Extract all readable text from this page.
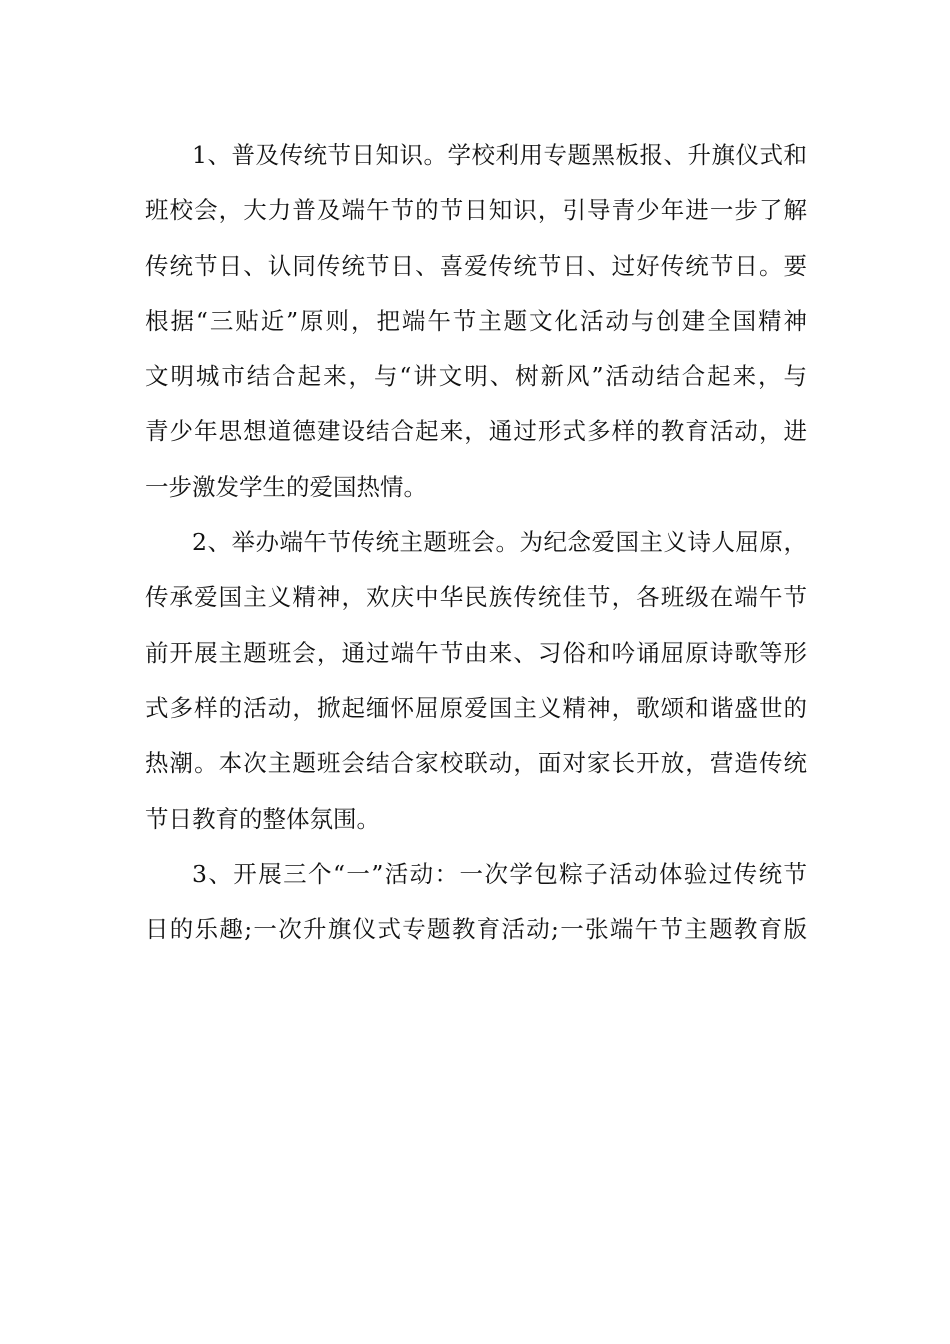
1、普及传统节日知识。学校利用专题黑板报、升旗仪式和
班校会，大力普及端午节的节日知识，引导青少年进一步了解
传统节日、认同传统节日、喜爱传统节日、过好传统节日。要
根据“三贴近”原则，把端午节主题文化活动与创建全国精神
文明城市结合起来，与“讲文明、树新风”活动结合起来，与
青少年思想道德建设结合起来，通过形式多样的教育活动，进
一步激发学生的爱国热情。
2、举办端午节传统主题班会。为纪念爱国主义诗人屈原，
传承爱国主义精神，欢庆中华民族传统佳节，各班级在端午节
前开展主题班会，通过端午节由来、习俗和吟诵屈原诗歌等形
式多样的活动，掀起缅怀屈原爱国主义精神，歌颂和谐盛世的
热潮。本次主题班会结合家校联动，面对家长开放，营造传统
节日教育的整体氛围。
3、开展三个“一”活动：一次学包粽子活动体验过传统节
日的乐趣;一次升旗仪式专题教育活动;一张端午节主题教育版
